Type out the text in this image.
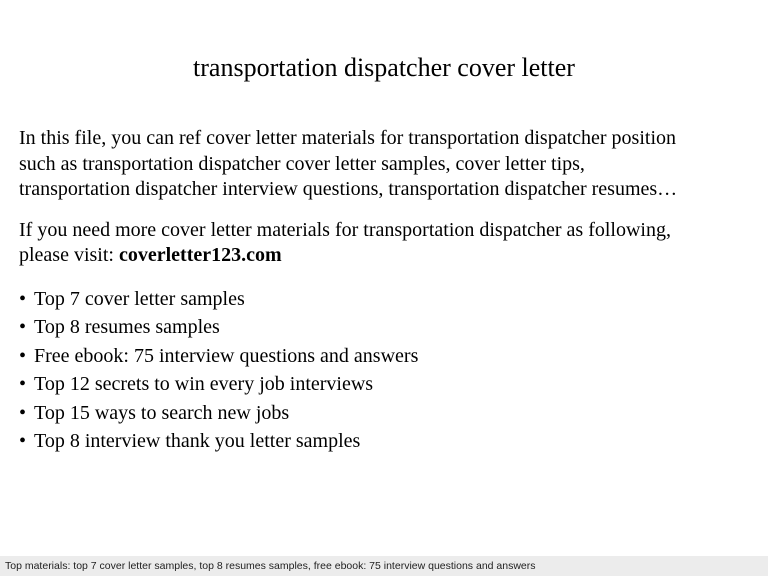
transportation dispatcher cover letter

In this file, you can ref cover letter materials for transportation dispatcher position
such as transportation dispatcher cover letter samples, cover letter tips,
transportation dispatcher interview questions, transportation dispatcher resumes…

If you need more cover letter materials for transportation dispatcher as following,
please visit: coverletter123.com

• Top 7 cover letter samples
• Top 8 resumes samples
• Free ebook: 75 interview questions and answers
• Top 12 secrets to win every job interviews
• Top 15 ways to search new jobs
• Top 8 interview thank you letter samples
Top materials: top 7 cover letter samples, top 8 resumes samples, free ebook: 75 interview questions and answers
